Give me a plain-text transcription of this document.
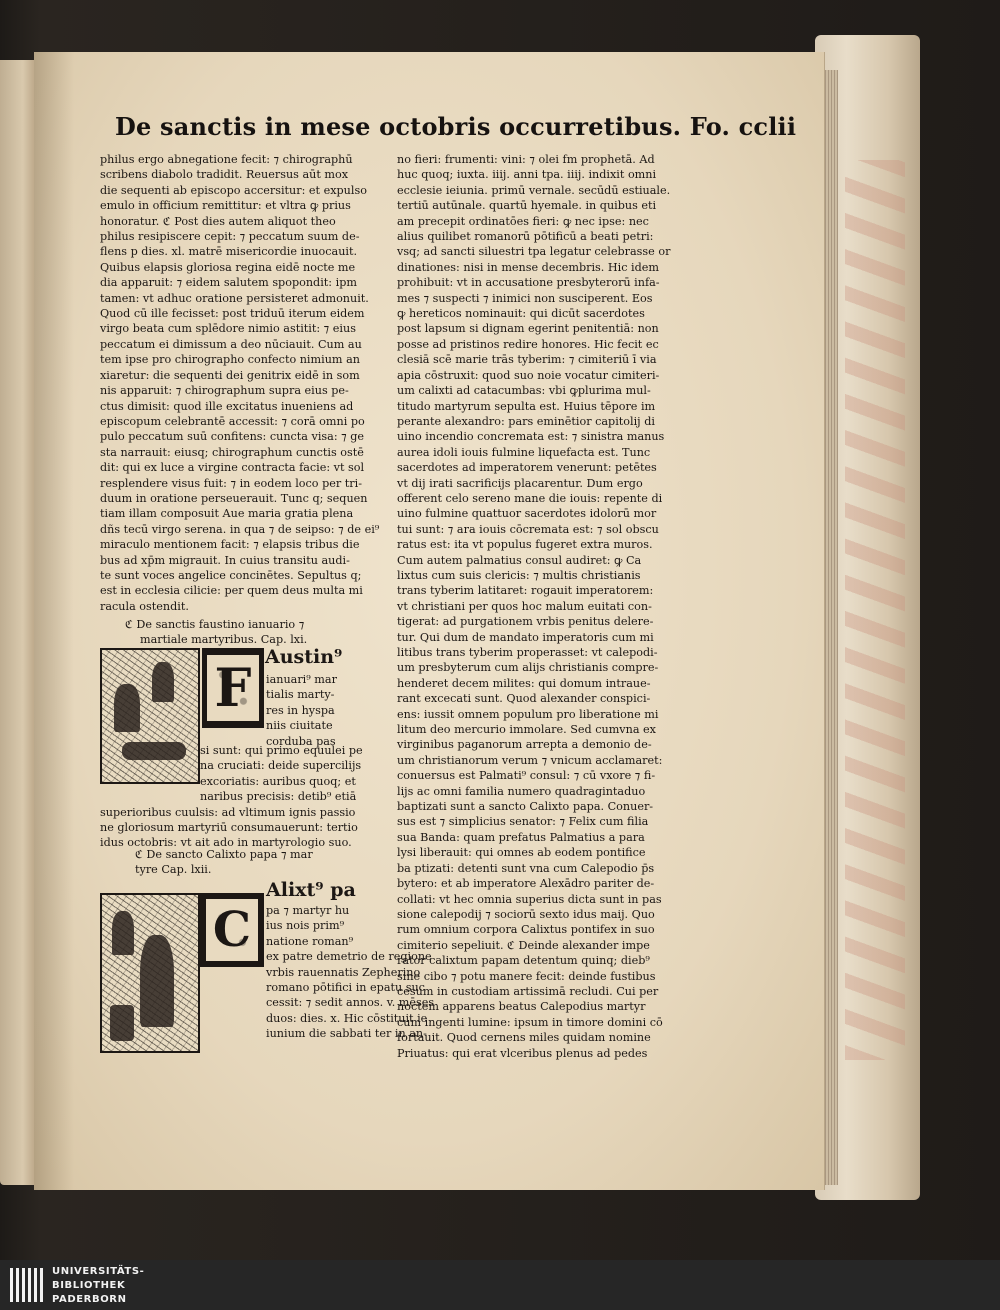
De sanctis in mese octobris occurretibus. Fo. cclii
philus ergo abnegatione fecit: ⁊ chirographū
scribens diabolo tradidit. Reuersus aūt mox
die sequenti ab episcopo accersitur: et expulso
emulo in officium remittitur: et vltra ꝙ prius
honoratur. ℭ Post dies autem aliquot theo
philus resipiscere cepit: ⁊ peccatum suum de-
flens p dies. xl. matrē misericordie inuocauit.
Quibus elapsis gloriosa regina eidē nocte me
dia apparuit: ⁊ eidem salutem spopondit: ipm
tamen: vt adhuc oratione persisteret admonuit.
Quod cū ille fecisset: post triduū iterum eidem
virgo beata cum splēdore nimio astitit: ⁊ eius
peccatum ei dimissum a deo nūciauit. Cum au
tem ipse pro chirographo confecto nimium an
xiaretur: die sequenti dei genitrix eidē in som
nis apparuit: ⁊ chirographum supra eius pe-
ctus dimisit: quod ille excitatus inueniens ad
episcopum celebrantē accessit: ⁊ corā omni po
pulo peccatum suū confitens: cuncta visa: ⁊ ge
sta narrauit: eiusq; chirographum cunctis ostē
dit: qui ex luce a virgine contracta facie: vt sol
resplendere visus fuit: ⁊ in eodem loco per tri-
duum in oratione perseuerauit. Tunc q; sequen
tiam illam composuit Aue maria gratia plena
dñs tecū virgo serena. in qua ⁊ de seipso: ⁊ de ei⁹
miraculo mentionem facit: ⁊ elapsis tribus die
bus ad xp̄m migrauit. In cuius transitu audi-
te sunt voces angelice concinētes. Sepultus q;
est in ecclesia cilicie: per quem deus multa mi
racula ostendit.
ℭ De sanctis faustino ianuario ⁊
martiale martyribus. Cap. lxi.
F
Austin⁹
ianuari⁹ mar
tialis marty-
res in hyspa
niis ciuitate
corduba pas
si sunt: qui primo equulei pe
na cruciati: deide supercilijs
excoriatis: auribus quoq; et
naribus precisis: detib⁹ etiā
superioribus cuulsis: ad vltimum ignis passio
ne gloriosum martyriū consumauerunt: tertio
idus octobris: vt ait ado in martyrologio suo.
ℭ De sancto Calixto papa ⁊ mar
tyre Cap. lxii.
C
Alixt⁹ pa
pa ⁊ martyr hu
ius nois prim⁹
natione roman⁹
ex patre demetrio de regione
vrbis rauennatis Zepherino
romano pōtifici in epatu suc
cessit: ⁊ sedit annos. v. mēses
duos: dies. x. Hic cōstituit ie
iunium die sabbati ter in an-
no fieri: frumenti: vini: ⁊ olei fm prophetā. Ad
huc quoq; iuxta. iiij. anni tpa. iiij. indixit omni
ecclesie ieiunia. primū vernale. secūdū estiuale.
tertiū autūnale. quartū hyemale. in quibus eti
am precepit ordinatōes fieri: ꝙ nec ipse: nec
alius quilibet romanorū pōtificū a beati petri:
vsq; ad sancti siluestri tpa legatur celebrasse or
dinationes: nisi in mense decembris. Hic idem
prohibuit: vt in accusatione presbyterorū infa-
mes ⁊ suspecti ⁊ inimici non susciperent. Eos
ꝙ hereticos nominauit: qui dicūt sacerdotes
post lapsum si dignam egerint penitentiā: non
posse ad pristinos redire honores. Hic fecit ec
clesiā scē marie trās tyberim: ⁊ cimiteriū ī via
apia cōstruxit: quod suo noie vocatur cimiteri-
um calixti ad catacumbas: vbi ꝙplurima mul-
titudo martyrum sepulta est. Huius tēpore im
perante alexandro: pars eminētior capitolij di
uino incendio concremata est: ⁊ sinistra manus
aurea idoli iouis fulmine liquefacta est. Tunc
sacerdotes ad imperatorem venerunt: petētes
vt dij irati sacrificijs placarentur. Dum ergo
offerent celo sereno mane die iouis: repente di
uino fulmine quattuor sacerdotes idolorū mor
tui sunt: ⁊ ara iouis cōcremata est: ⁊ sol obscu
ratus est: ita vt populus fugeret extra muros.
Cum autem palmatius consul audiret: ꝙ Ca
lixtus cum suis clericis: ⁊ multis christianis
trans tyberim latitaret: rogauit imperatorem:
vt christiani per quos hoc malum euitati con-
tigerat: ad purgationem vrbis penitus delere-
tur. Qui dum de mandato imperatoris cum mi
litibus trans tyberim properasset: vt calepodi-
um presbyterum cum alijs christianis compre-
henderet decem milites: qui domum intraue-
rant excecati sunt. Quod alexander conspici-
ens: iussit omnem populum pro liberatione mi
litum deo mercurio immolare. Sed cumvna ex
virginibus paganorum arrepta a demonio de-
um christianorum verum ⁊ vnicum acclamaret:
conuersus est Palmati⁹ consul: ⁊ cū vxore ⁊ fi-
lijs ac omni familia numero quadragintaduo
baptizati sunt a sancto Calixto papa. Conuer-
sus est ⁊ simplicius senator: ⁊ Felix cum filia
sua Banda: quam prefatus Palmatius a para
lysi liberauit: qui omnes ab eodem pontifice
ba ptizati: detenti sunt vna cum Calepodio p̄s
bytero: et ab imperatore Alexādro pariter de-
collati: vt hec omnia superius dicta sunt in pas
sione calepodij ⁊ sociorū sexto idus maij. Quo
rum omnium corpora Calixtus pontifex in suo
cimiterio sepeliuit. ℭ Deinde alexander impe
rator calixtum papam detentum quinq; dieb⁹
sine cibo ⁊ potu manere fecit: deinde fustibus
cesum in custodiam artissimā recludi. Cui per
noctem apparens beatus Calepodius martyr
cum ingenti lumine: ipsum in timore domini cō
fortauit. Quod cernens miles quidam nomine
Priuatus: qui erat vlceribus plenus ad pedes
UNIVERSITÄTS-
BIBLIOTHEK
PADERBORN
